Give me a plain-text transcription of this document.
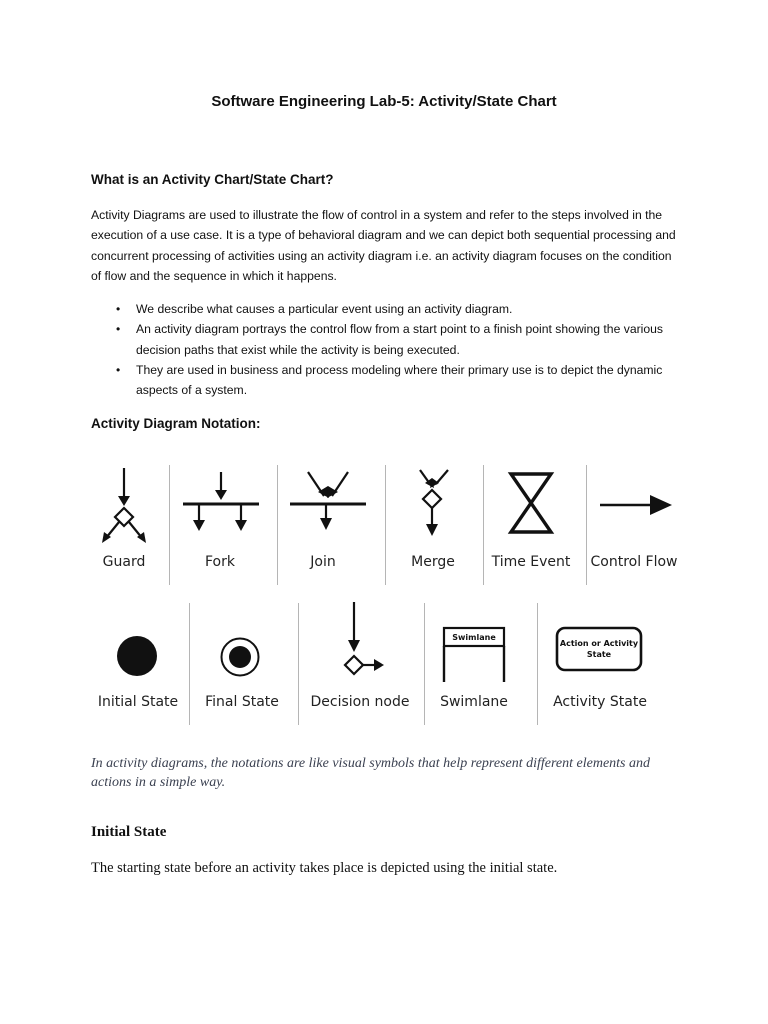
Software Engineering Lab-5: Activity/State Chart
What is an Activity Chart/State Chart?

Activity Diagrams are used to illustrate the flow of control in a system and refer to the steps involved in the execution of a use case. It is a type of behavioral diagram and we can depict both sequential processing and concurrent processing of activities using an activity diagram i.e. an activity diagram focuses on the condition of flow and the sequence in which it happens.

• We describe what causes a particular event using an activity diagram.
• An activity diagram portrays the control flow from a start point to a finish point showing the various decision paths that exist while the activity is being executed.
• They are used in business and process modeling where their primary use is to depict the dynamic aspects of a system.
Activity Diagram Notation:
Guard	Fork	Join	Merge	Time Event	Control Flow
Swimlane
Action or Activity
State
Initial State	Final State	Decision node	Swimlane	Activity State

In activity diagrams, the notations are like visual symbols that help represent different elements and actions in a simple way.

Initial State
The starting state before an activity takes place is depicted using the initial state.
